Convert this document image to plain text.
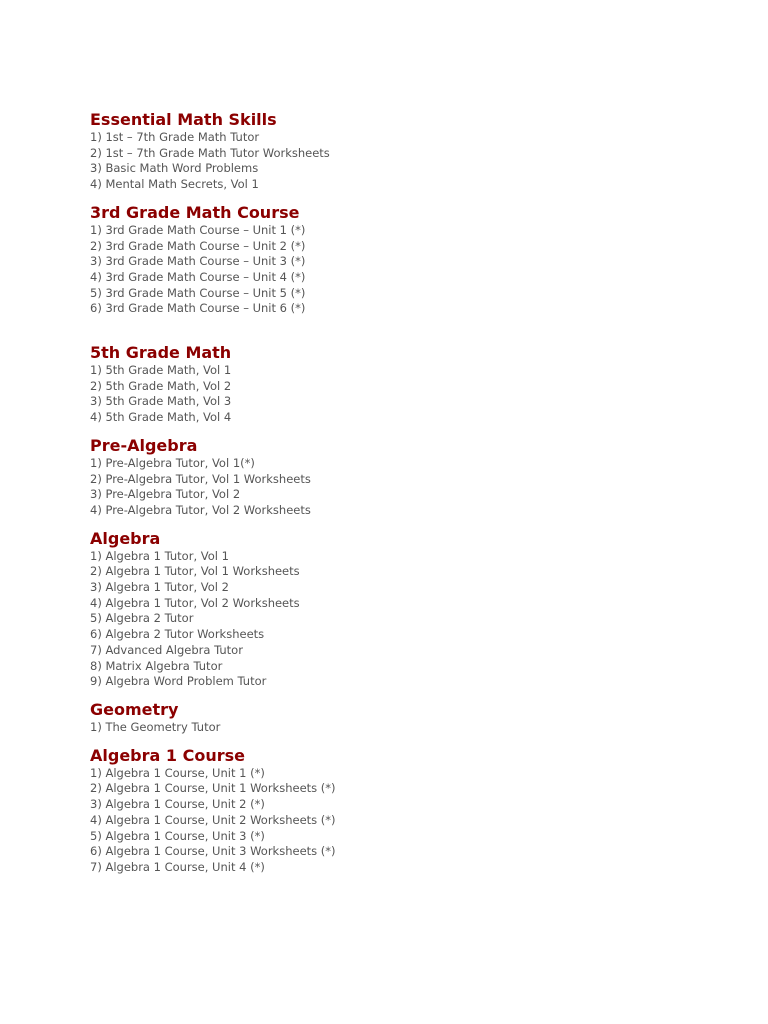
Essential Math Skills
1) 1st – 7th Grade Math Tutor
2) 1st – 7th Grade Math Tutor Worksheets
3) Basic Math Word Problems
4) Mental Math Secrets, Vol 1
3rd Grade Math Course
1) 3rd Grade Math Course – Unit 1 (*)
2) 3rd Grade Math Course – Unit 2 (*)
3) 3rd Grade Math Course – Unit 3 (*)
4) 3rd Grade Math Course – Unit 4 (*)
5) 3rd Grade Math Course – Unit 5 (*)
6) 3rd Grade Math Course – Unit 6 (*)
5th Grade Math
1) 5th Grade Math, Vol 1
2) 5th Grade Math, Vol 2
3) 5th Grade Math, Vol 3
4) 5th Grade Math, Vol 4
Pre-Algebra
1) Pre-Algebra Tutor, Vol 1(*)
2) Pre-Algebra Tutor, Vol 1 Worksheets
3) Pre-Algebra Tutor, Vol 2
4) Pre-Algebra Tutor, Vol 2 Worksheets
Algebra
1) Algebra 1 Tutor, Vol 1
2) Algebra 1 Tutor, Vol 1 Worksheets
3) Algebra 1 Tutor, Vol 2
4) Algebra 1 Tutor, Vol 2 Worksheets
5) Algebra 2 Tutor
6) Algebra 2 Tutor Worksheets
7) Advanced Algebra Tutor
8) Matrix Algebra Tutor
9) Algebra Word Problem Tutor
Geometry
1) The Geometry Tutor
Algebra 1 Course
1) Algebra 1 Course, Unit 1 (*)
2) Algebra 1 Course, Unit 1 Worksheets (*)
3) Algebra 1 Course, Unit 2 (*)
4) Algebra 1 Course, Unit 2 Worksheets (*)
5) Algebra 1 Course, Unit 3 (*)
6) Algebra 1 Course, Unit 3 Worksheets (*)
7) Algebra 1 Course, Unit 4 (*)
